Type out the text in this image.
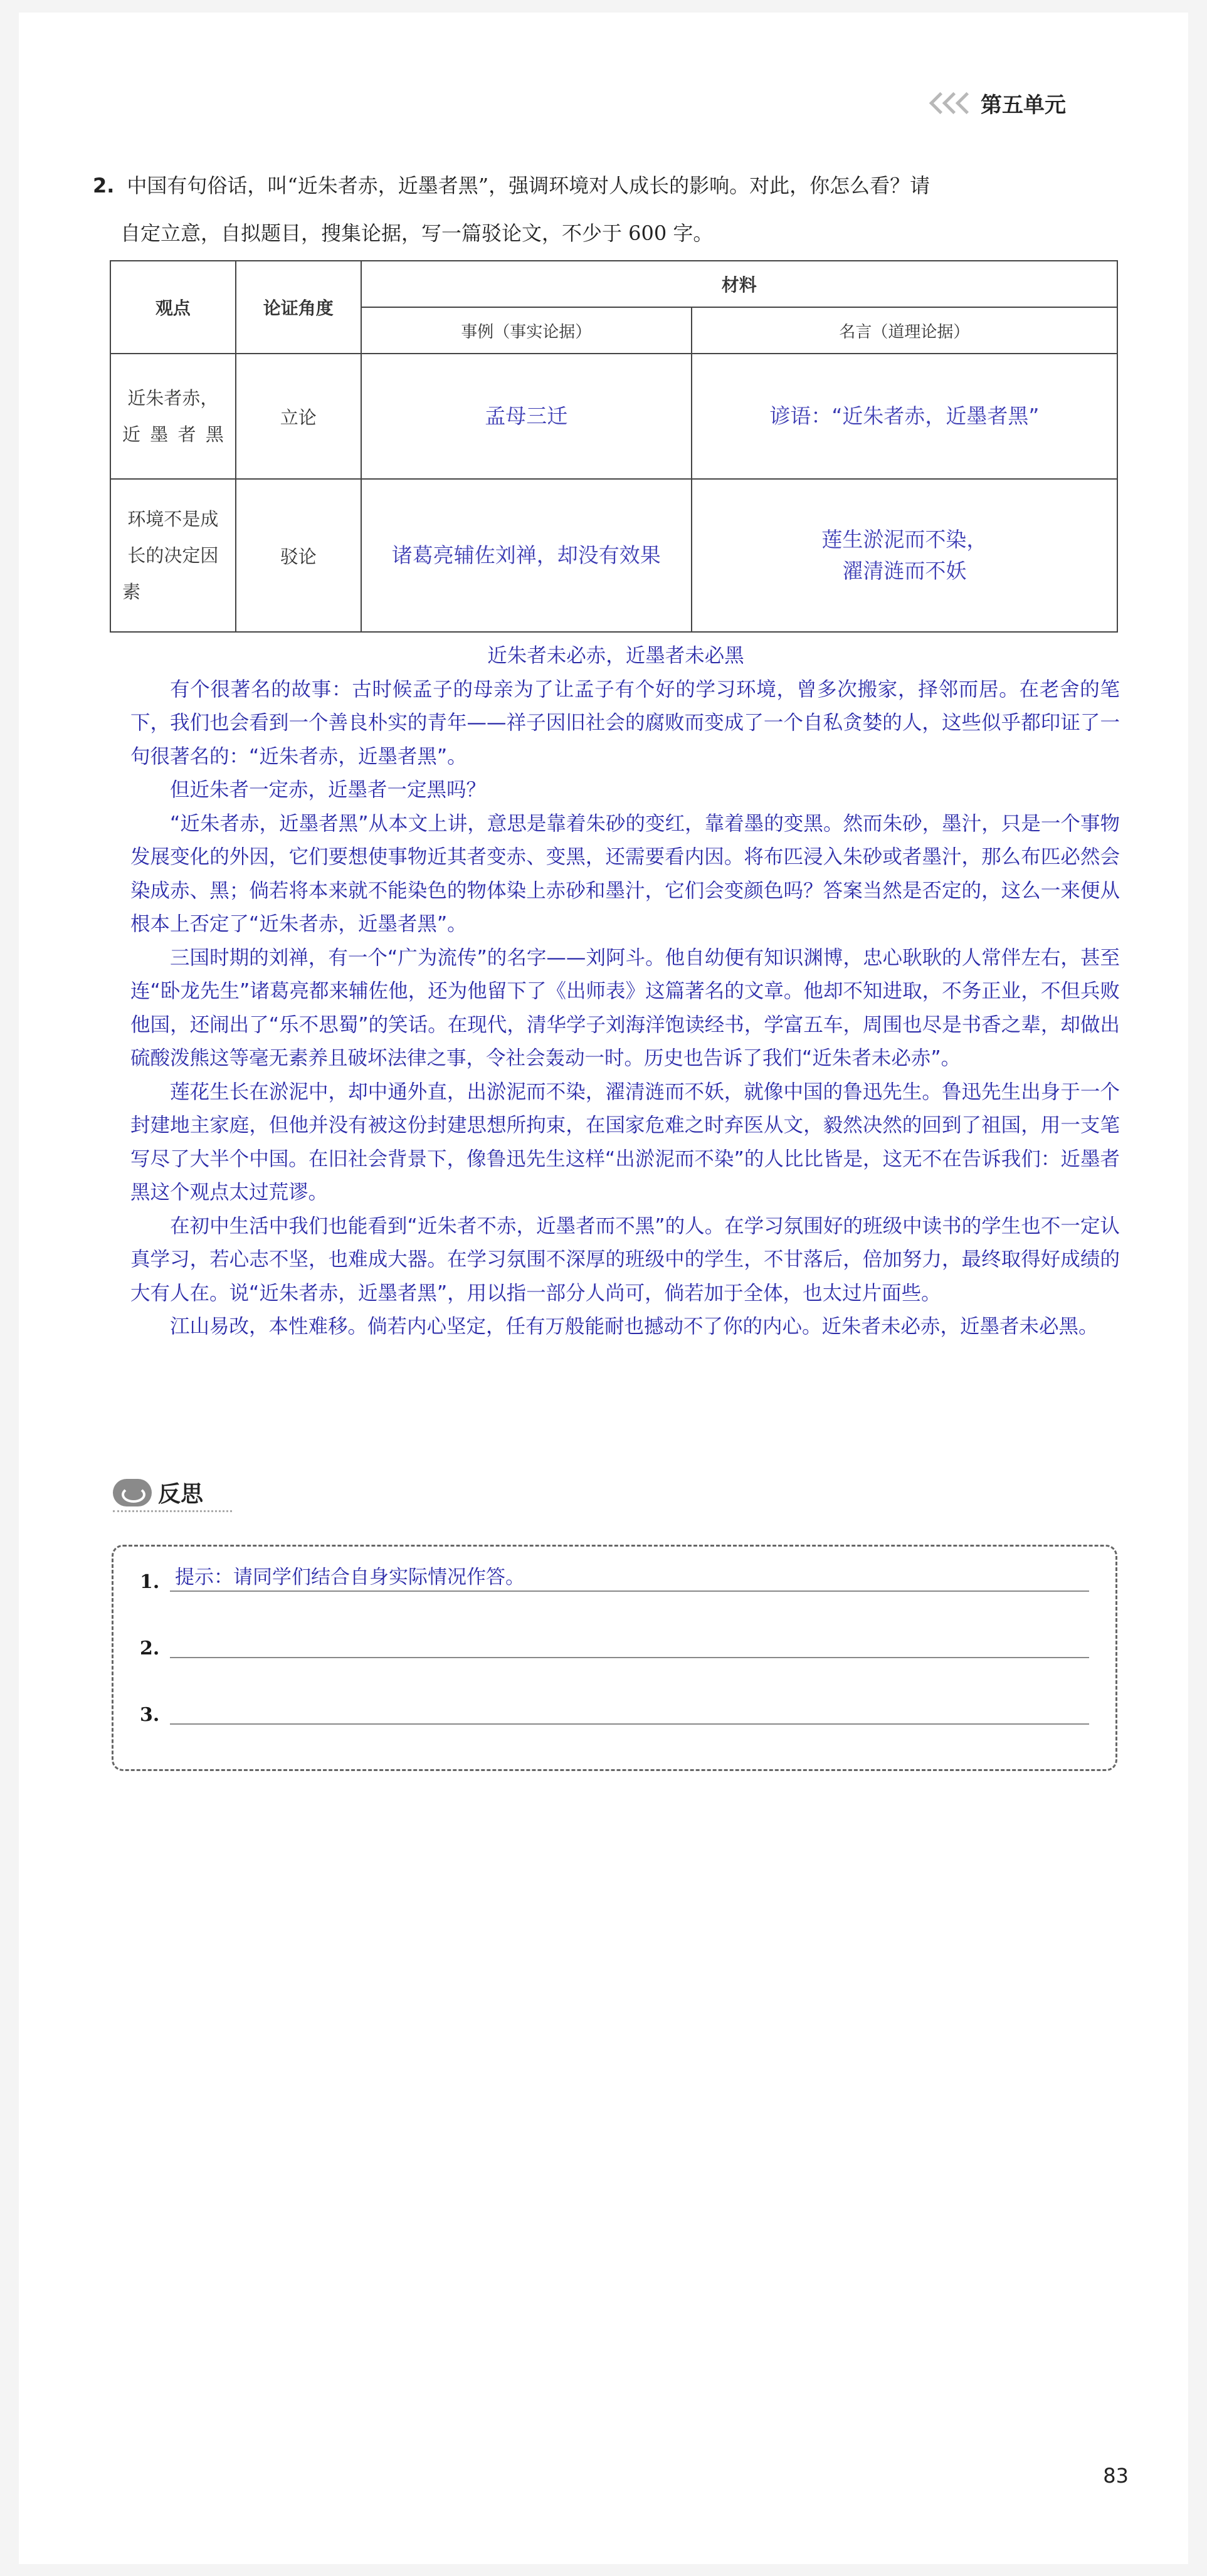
第五单元
2. 中国有句俗话，叫“近朱者赤，近墨者黑”，强调环境对人成长的影响。对此，你怎么看？请
自定立意，自拟题目，搜集论据，写一篇驳论文，不少于 600 字。
观点	论证角度	材料	
		事例（事实论据）	名言（道理论据）
近朱者赤，近墨者黑	立论	孟母三迁	谚语：“近朱者赤，近墨者黑”
环境不是成长的决定因素	驳论	诸葛亮辅佐刘禅，却没有效果	莲生淤泥而不染，
濯清涟而不妖
近朱者未必赤，近墨者未必黑

有个很著名的故事：古时候孟子的母亲为了让孟子有个好的学习环境，曾多次搬家，择邻而居。在老舍的笔下，我们也会看到一个善良朴实的青年——祥子因旧社会的腐败而变成了一个自私贪婪的人，这些似乎都印证了一句很著名的：“近朱者赤，近墨者黑”。

但近朱者一定赤，近墨者一定黑吗？

“近朱者赤，近墨者黑”从本文上讲，意思是靠着朱砂的变红，靠着墨的变黑。然而朱砂，墨汁，只是一个事物发展变化的外因，它们要想使事物近其者变赤、变黑，还需要看内因。将布匹浸入朱砂或者墨汁，那么布匹必然会染成赤、黑；倘若将本来就不能染色的物体染上赤砂和墨汁，它们会变颜色吗？答案当然是否定的，这么一来便从根本上否定了“近朱者赤，近墨者黑”。

三国时期的刘禅，有一个“广为流传”的名字——刘阿斗。他自幼便有知识渊博，忠心耿耿的人常伴左右，甚至连“卧龙先生”诸葛亮都来辅佐他，还为他留下了《出师表》这篇著名的文章。他却不知进取，不务正业，不但兵败他国，还闹出了“乐不思蜀”的笑话。在现代，清华学子刘海洋饱读经书，学富五车，周围也尽是书香之辈，却做出硫酸泼熊这等毫无素养且破坏法律之事，令社会轰动一时。历史也告诉了我们“近朱者未必赤”。

莲花生长在淤泥中，却中通外直，出淤泥而不染，濯清涟而不妖，就像中国的鲁迅先生。鲁迅先生出身于一个封建地主家庭，但他并没有被这份封建思想所拘束，在国家危难之时弃医从文，毅然决然的回到了祖国，用一支笔写尽了大半个中国。在旧社会背景下，像鲁迅先生这样“出淤泥而不染”的人比比皆是，这无不在告诉我们：近墨者黑这个观点太过荒谬。

在初中生活中我们也能看到“近朱者不赤，近墨者而不黑”的人。在学习氛围好的班级中读书的学生也不一定认真学习，若心志不坚，也难成大器。在学习氛围不深厚的班级中的学生，不甘落后，倍加努力，最终取得好成绩的大有人在。说“近朱者赤，近墨者黑”，用以指一部分人尚可，倘若加于全体，也太过片面些。

江山易改，本性难移。倘若内心坚定，任有万般能耐也撼动不了你的内心。近朱者未必赤，近墨者未必黑。

反思
1. 提示：请同学们结合自身实际情况作答。
2.
3.
83
